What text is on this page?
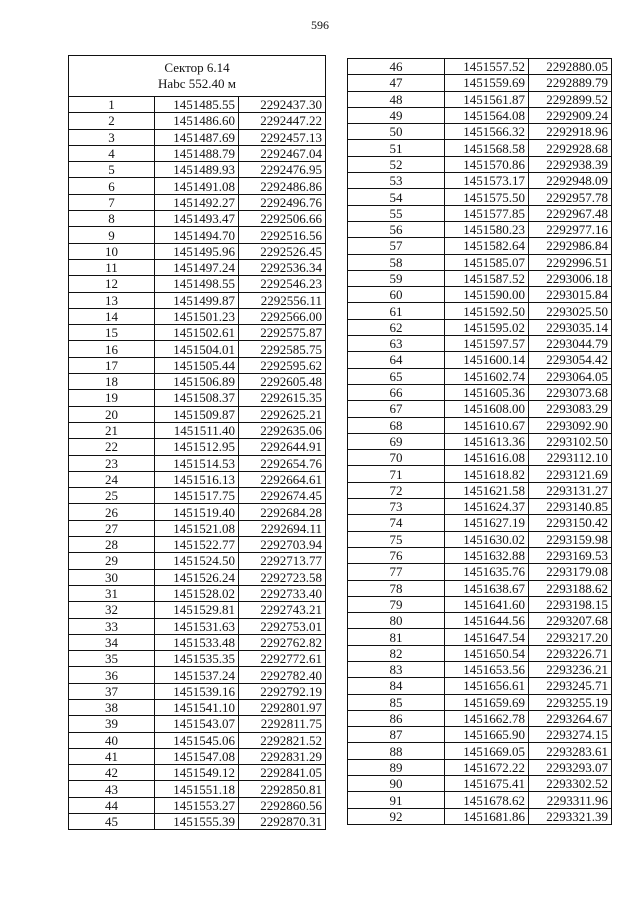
596
Сектор 6.14
Нabc 552.40 м		

1	1451485.55	2292437.30
2	1451486.60	2292447.22
3	1451487.69	2292457.13
4	1451488.79	2292467.04
5	1451489.93	2292476.95
6	1451491.08	2292486.86
7	1451492.27	2292496.76
8	1451493.47	2292506.66
9	1451494.70	2292516.56
10	1451495.96	2292526.45
11	1451497.24	2292536.34
12	1451498.55	2292546.23
13	1451499.87	2292556.11
14	1451501.23	2292566.00
15	1451502.61	2292575.87
16	1451504.01	2292585.75
17	1451505.44	2292595.62
18	1451506.89	2292605.48
19	1451508.37	2292615.35
20	1451509.87	2292625.21
21	1451511.40	2292635.06
22	1451512.95	2292644.91
23	1451514.53	2292654.76
24	1451516.13	2292664.61
25	1451517.75	2292674.45
26	1451519.40	2292684.28
27	1451521.08	2292694.11
28	1451522.77	2292703.94
29	1451524.50	2292713.77
30	1451526.24	2292723.58
31	1451528.02	2292733.40
32	1451529.81	2292743.21
33	1451531.63	2292753.01
34	1451533.48	2292762.82
35	1451535.35	2292772.61
36	1451537.24	2292782.40
37	1451539.16	2292792.19
38	1451541.10	2292801.97
39	1451543.07	2292811.75
40	1451545.06	2292821.52
41	1451547.08	2292831.29
42	1451549.12	2292841.05
43	1451551.18	2292850.81
44	1451553.27	2292860.56
45	1451555.39	2292870.31
46	1451557.52	2292880.05
47	1451559.69	2292889.79
48	1451561.87	2292899.52
49	1451564.08	2292909.24
50	1451566.32	2292918.96
51	1451568.58	2292928.68
52	1451570.86	2292938.39
53	1451573.17	2292948.09
54	1451575.50	2292957.78
55	1451577.85	2292967.48
56	1451580.23	2292977.16
57	1451582.64	2292986.84
58	1451585.07	2292996.51
59	1451587.52	2293006.18
60	1451590.00	2293015.84
61	1451592.50	2293025.50
62	1451595.02	2293035.14
63	1451597.57	2293044.79
64	1451600.14	2293054.42
65	1451602.74	2293064.05
66	1451605.36	2293073.68
67	1451608.00	2293083.29
68	1451610.67	2293092.90
69	1451613.36	2293102.50
70	1451616.08	2293112.10
71	1451618.82	2293121.69
72	1451621.58	2293131.27
73	1451624.37	2293140.85
74	1451627.19	2293150.42
75	1451630.02	2293159.98
76	1451632.88	2293169.53
77	1451635.76	2293179.08
78	1451638.67	2293188.62
79	1451641.60	2293198.15
80	1451644.56	2293207.68
81	1451647.54	2293217.20
82	1451650.54	2293226.71
83	1451653.56	2293236.21
84	1451656.61	2293245.71
85	1451659.69	2293255.19
86	1451662.78	2293264.67
87	1451665.90	2293274.15
88	1451669.05	2293283.61
89	1451672.22	2293293.07
90	1451675.41	2293302.52
91	1451678.62	2293311.96
92	1451681.86	2293321.39
